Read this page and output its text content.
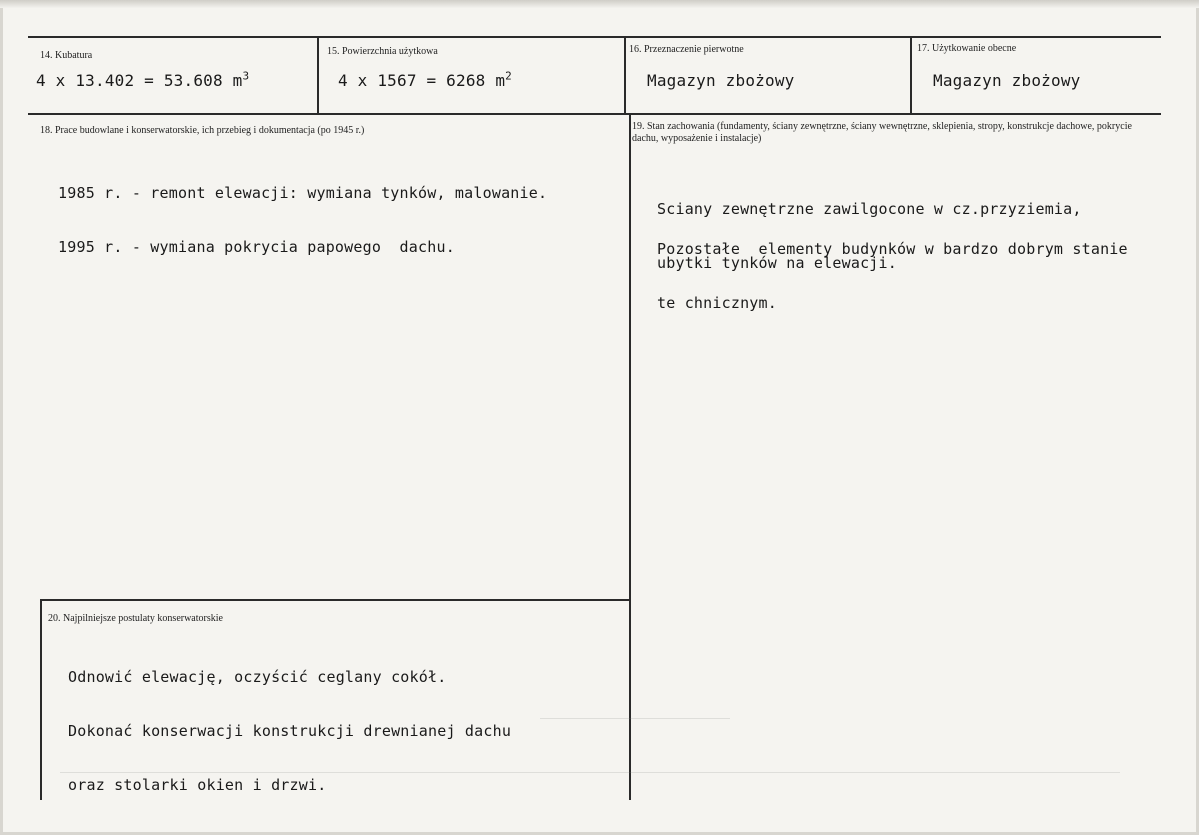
14. Kubatura
4 x 13.402 = 53.608 $m^3$
15. Powierzchnia użytkowa
4 x 1567 = 6268 $m^2$
16. Przeznaczenie pierwotne
Magazyn zbożowy
17. Użytkowanie obecne
Magazyn zbożowy
18. Prace budowlane i konserwatorskie, ich przebieg i dokumentacja (po 1945 r.)

1985 r. - remont elewacji: wymiana tynków, malowanie.

1995 r. - wymiana pokrycia papowego  dachu.

19. Stan zachowania (fundamenty, ściany zewnętrzne, ściany wewnętrzne, sklepienia, stropy, konstrukcje dachowe, pokrycie dachu, wyposażenie i instalacje)

Sciany zewnętrzne zawilgocone w cz.przyziemia,

ubytki tynków na elewacji.

Pozostałe  elementy budynków w bardzo dobrym stanie

te chnicznym.

20. Najpilniejsze postulaty konserwatorskie

Odnowić elewację, oczyścić ceglany cokół.

Dokonać konserwacji konstrukcji drewnianej dachu

oraz stolarki okien i drzwi.
